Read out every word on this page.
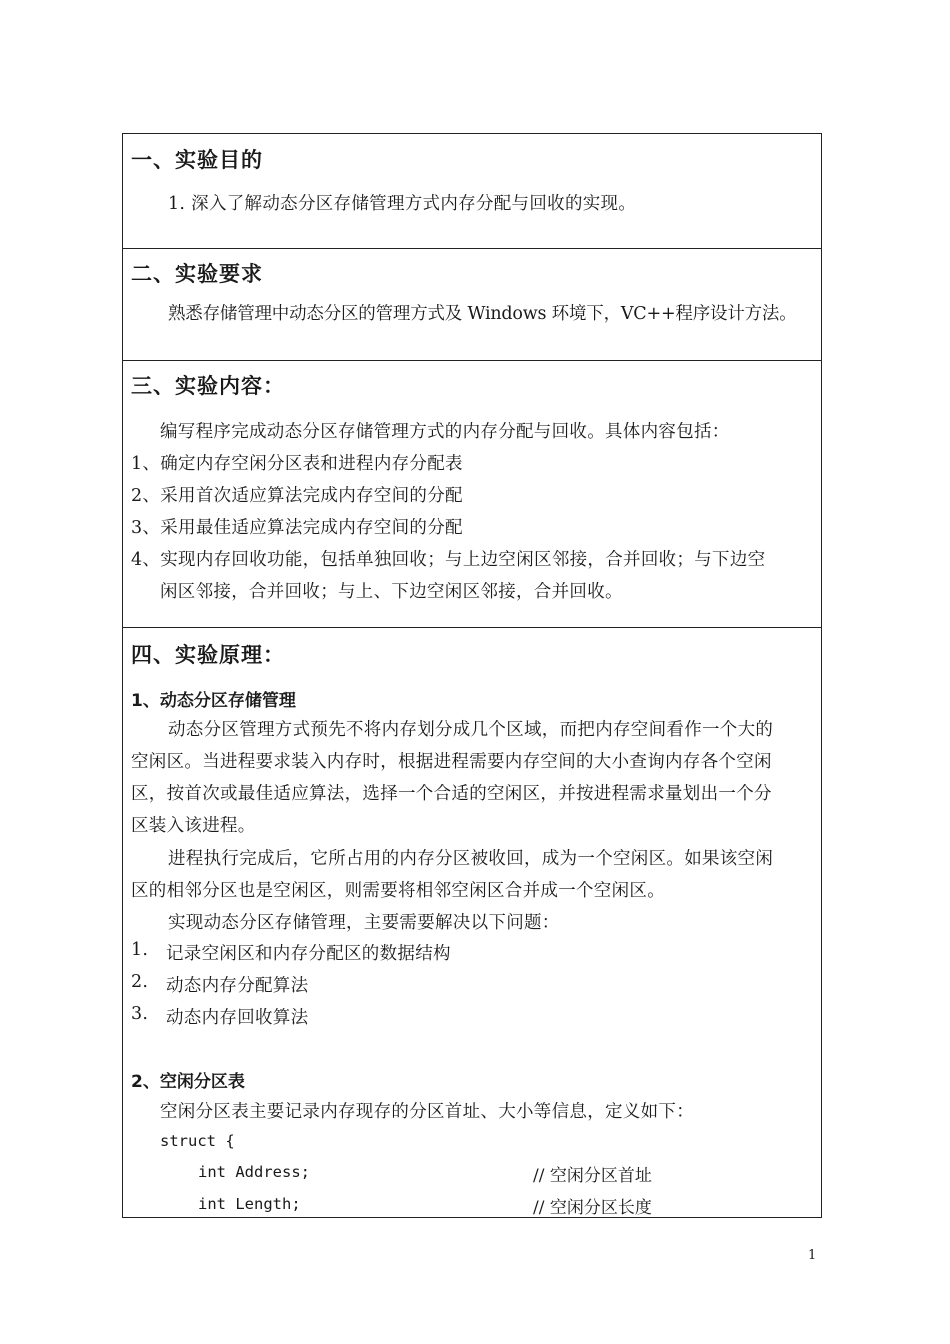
一、实验目的
1. 深入了解动态分区存储管理方式内存分配与回收的实现。
二、实验要求
熟悉存储管理中动态分区的管理方式及 Windows 环境下，VC++程序设计方法。
三、实验内容：
编写程序完成动态分区存储管理方式的内存分配与回收。具体内容包括：
1、确定内存空闲分区表和进程内存分配表
2、采用首次适应算法完成内存空间的分配
3、采用最佳适应算法完成内存空间的分配
4、实现内存回收功能，包括单独回收；与上边空闲区邻接，合并回收；与下边空
闲区邻接，合并回收；与上、下边空闲区邻接，合并回收。
四、实验原理：
1、动态分区存储管理
动态分区管理方式预先不将内存划分成几个区域，而把内存空间看作一个大的
空闲区。当进程要求装入内存时，根据进程需要内存空间的大小查询内存各个空闲
区，按首次或最佳适应算法，选择一个合适的空闲区，并按进程需求量划出一个分
区装入该进程。
进程执行完成后，它所占用的内存分区被收回，成为一个空闲区。如果该空闲
区的相邻分区也是空闲区，则需要将相邻空闲区合并成一个空闲区。
实现动态分区存储管理，主要需要解决以下问题：
1. 记录空闲区和内存分配区的数据结构
2. 动态内存分配算法
3. 动态内存回收算法
2、空闲分区表
空闲分区表主要记录内存现存的分区首址、大小等信息，定义如下：
struct {
int Address;	// 空闲分区首址
int Length;	// 空闲分区长度
1
